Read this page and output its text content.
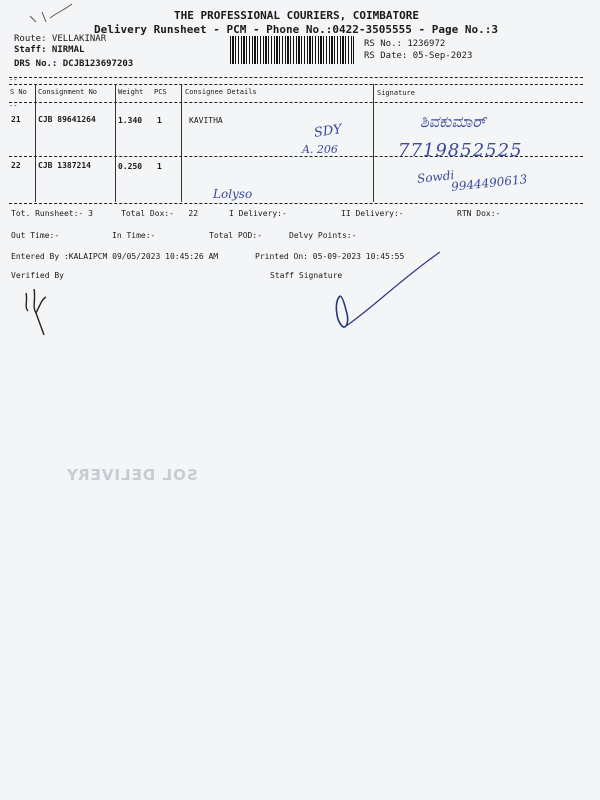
THE PROFESSIONAL COURIERS, COIMBATORE
Delivery Runsheet - PCM - Phone No.:0422-3505555 - Page No.:3
Route: VELLAKINAR
Staff: NIRMAL
DRS No.: DCJB123697203
RS No.: 1236972
RS Date: 05-Sep-2023
--
S No Consignment No	Weight PCS	Consignee Details	Signature
--
21 CJB 89641264	1.340 1	KAVITHA
22 CJB 1387214	0.250 1
ಶಿವಕುಮಾರ್
SDY
A. 206	7719852525
Sowdi
9944490613
Lolyso
Tot. Runsheet:- 3	Total Dox:-   22	I Delivery:-	II Delivery:-	RTN Dox:-
Out Time:-	In Time:-	Total POD:-	Delvy Points:-
Entered By :KALAIPCM 09/05/2023 10:45:26 AM	Printed On: 05-09-2023 10:45:55
Verified By	Staff Signature
SOL DELIVERY
